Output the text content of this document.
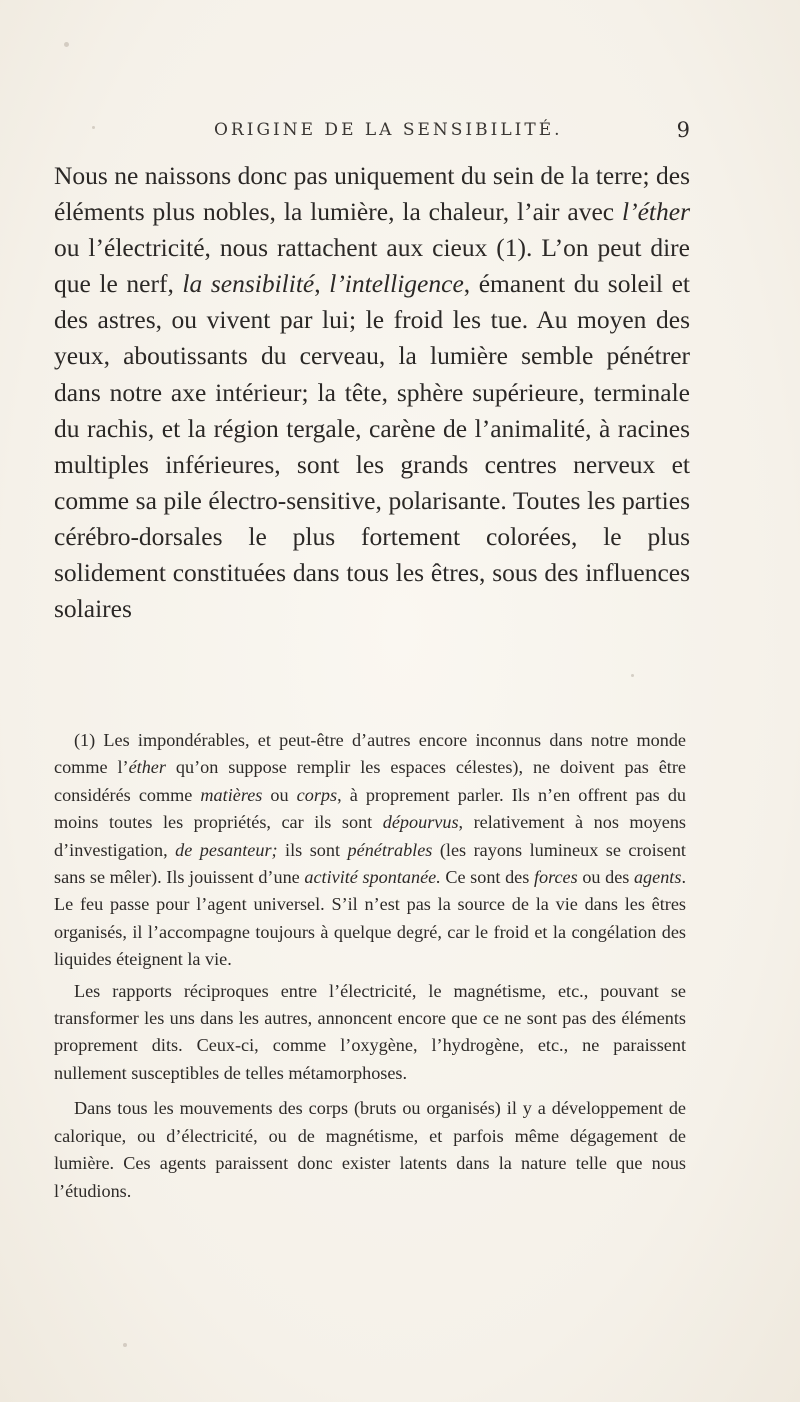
ORIGINE DE LA SENSIBILITÉ.	9

Nous ne naissons donc pas uniquement du sein de la terre; des éléments plus nobles, la lumière, la chaleur, l’air avec l’éther ou l’électricité, nous rattachent aux cieux (1). L’on peut dire que le nerf, la sensibilité, l’intelligence, émanent du soleil et des astres, ou vivent par lui; le froid les tue. Au moyen des yeux, aboutissants du cerveau, la lumière semble pénétrer dans notre axe intérieur; la tête, sphère supérieure, terminale du rachis, et la région tergale, carène de l’animalité, à racines multiples inférieures, sont les grands centres nerveux et comme sa pile électro-sensitive, polarisante. Toutes les parties cérébro-dorsales le plus fortement colorées, le plus solidement constituées dans tous les êtres, sous des influences solaires

(1) Les impondérables, et peut-être d’autres encore inconnus dans notre monde comme l’éther qu’on suppose remplir les espaces célestes), ne doivent pas être considérés comme matières ou corps, à proprement parler. Ils n’en offrent pas du moins toutes les propriétés, car ils sont dépourvus, relativement à nos moyens d’investigation, de pesanteur; ils sont pénétrables (les rayons lumineux se croisent sans se mêler). Ils jouissent d’une activité spontanée. Ce sont des forces ou des agents. Le feu passe pour l’agent universel. S’il n’est pas la source de la vie dans les êtres organisés, il l’accompagne toujours à quelque degré, car le froid et la congélation des liquides éteignent la vie.

Les rapports réciproques entre l’électricité, le magnétisme, etc., pouvant se transformer les uns dans les autres, annoncent encore que ce ne sont pas des éléments proprement dits. Ceux-ci, comme l’oxygène, l’hydrogène, etc., ne paraissent nullement susceptibles de telles métamorphoses.

Dans tous les mouvements des corps (bruts ou organisés) il y a développement de calorique, ou d’électricité, ou de magnétisme, et parfois même dégagement de lumière. Ces agents paraissent donc exister latents dans la nature telle que nous l’étudions.
